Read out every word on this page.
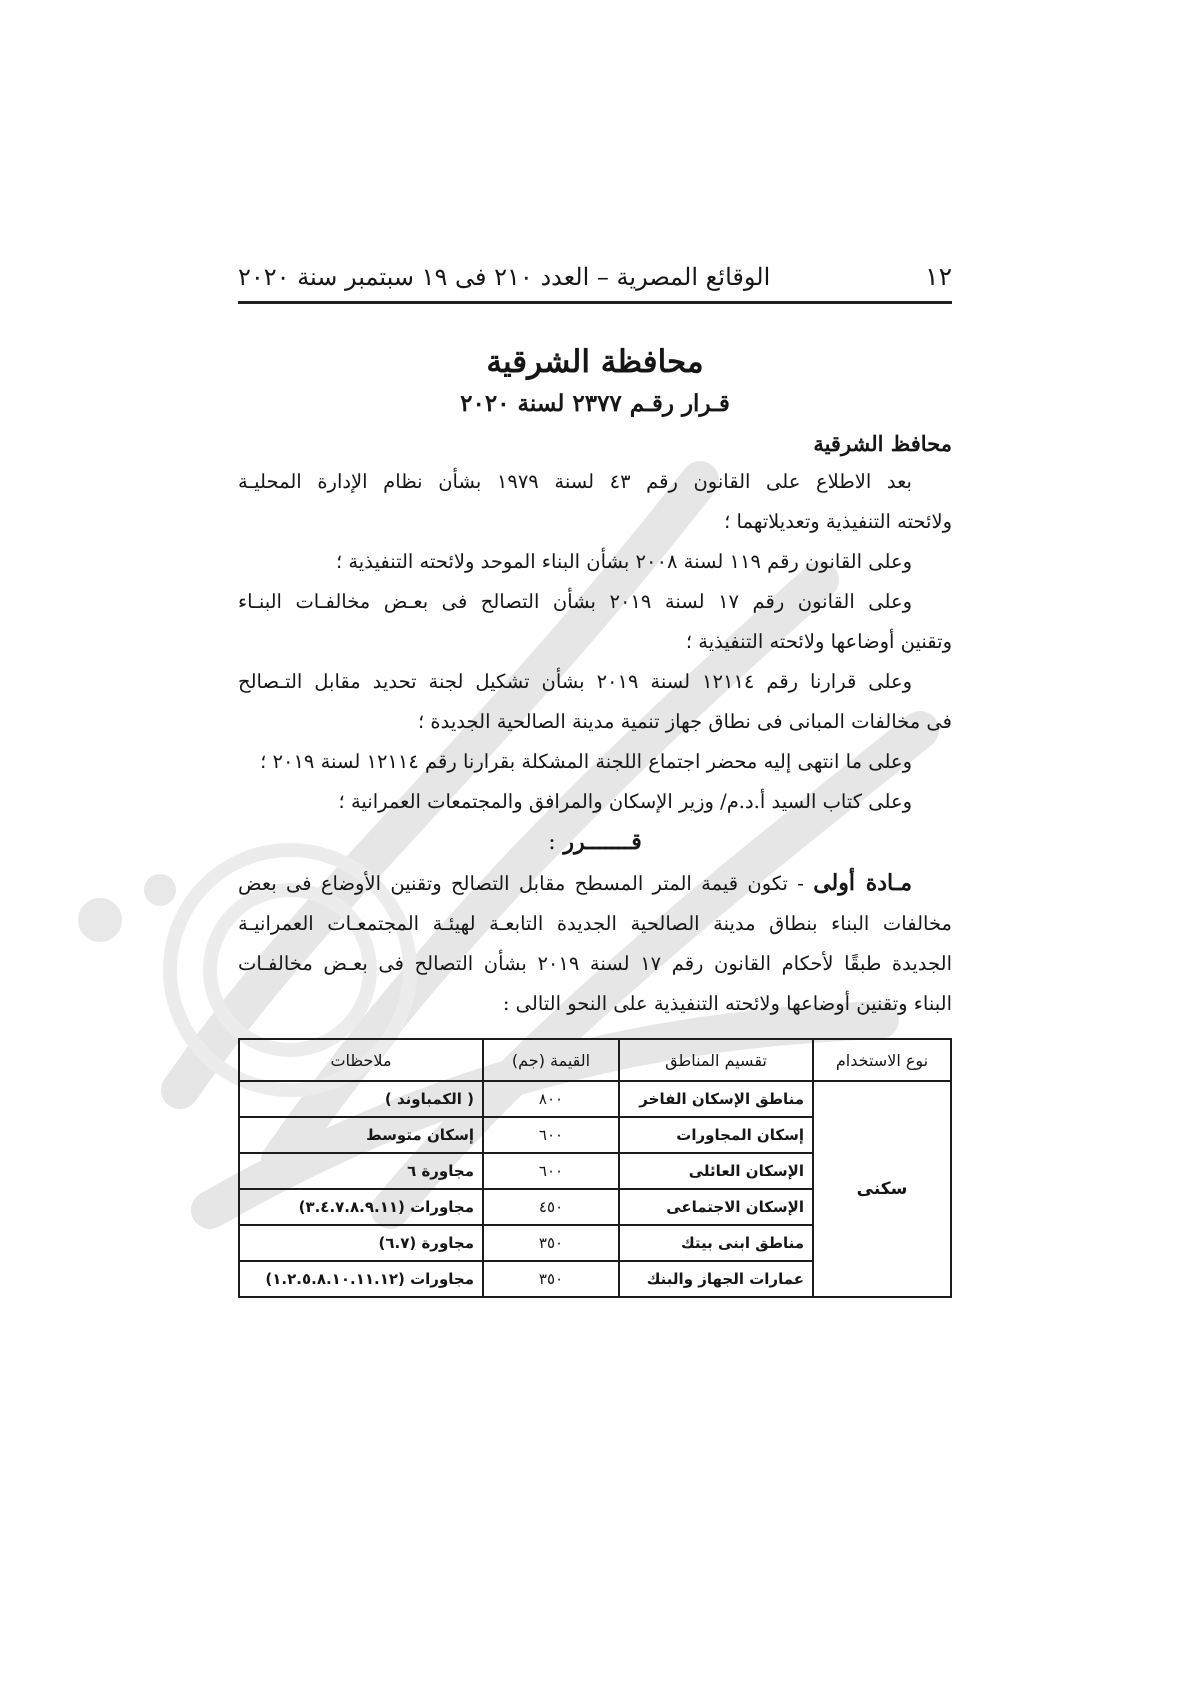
١٢
الوقائع المصرية – العدد ٢١٠ فى ١٩ سبتمبر سنة ٢٠٢٠
محافظة الشرقية
قـرار رقـم ٢٣٧٧ لسنة ٢٠٢٠
محافظ الشرقية

بعد الاطلاع على القانون رقم ٤٣ لسنة ١٩٧٩ بشأن نظام الإدارة المحليـة

ولائحته التنفيذية وتعديلاتهما ؛

وعلى القانون رقم ١١٩ لسنة ٢٠٠٨ بشأن البناء الموحد ولائحته التنفيذية ؛

وعلى القانون رقم ١٧ لسنة ٢٠١٩ بشأن التصالح فى بعـض مخالفـات البنـاء

وتقنين أوضاعها ولائحته التنفيذية ؛

وعلى قرارنا رقم ١٢١١٤ لسنة ٢٠١٩ بشأن تشكيل لجنة تحديد مقابل التـصالح

فى مخالفات المبانى فى نطاق جهاز تنمية مدينة الصالحية الجديدة ؛

وعلى ما انتهى إليه محضر اجتماع اللجنة المشكلة بقرارنا رقم ١٢١١٤ لسنة ٢٠١٩ ؛

وعلى كتاب السيد أ.د.م/ وزير الإسكان والمرافق والمجتمعات العمرانية ؛

قـــــــرر :

مـادة أولى - تكون قيمة المتر المسطح مقابل التصالح وتقنين الأوضاع فى بعض

مخالفات البناء بنطاق مدينة الصالحية الجديدة التابعـة لهيئـة المجتمعـات العمرانيـة

الجديدة طبقًا لأحكام القانون رقم ١٧ لسنة ٢٠١٩ بشأن التصالح فى بعـض مخالفـات

البناء وتقنين أوضاعها ولائحته التنفيذية على النحو التالى :

نوع الاستخدام	تقسيم المناطق	القيمة (جم)	ملاحظات
سكنى	مناطق الإسكان الفاخر	٨٠٠	( الكمباوند )
	إسكان المجاورات	٦٠٠	إسكان متوسط
	الإسكان العائلى	٦٠٠	مجاورة ٦
	الإسكان الاجتماعى	٤٥٠	مجاورات (٣.٤.٧.٨.٩.١١)
	مناطق ابنى بيتك	٣٥٠	مجاورة (٦.٧)
	عمارات الجهاز والبنك	٣٥٠	مجاورات (١.٢.٥.٨.١٠.١١.١٢)
